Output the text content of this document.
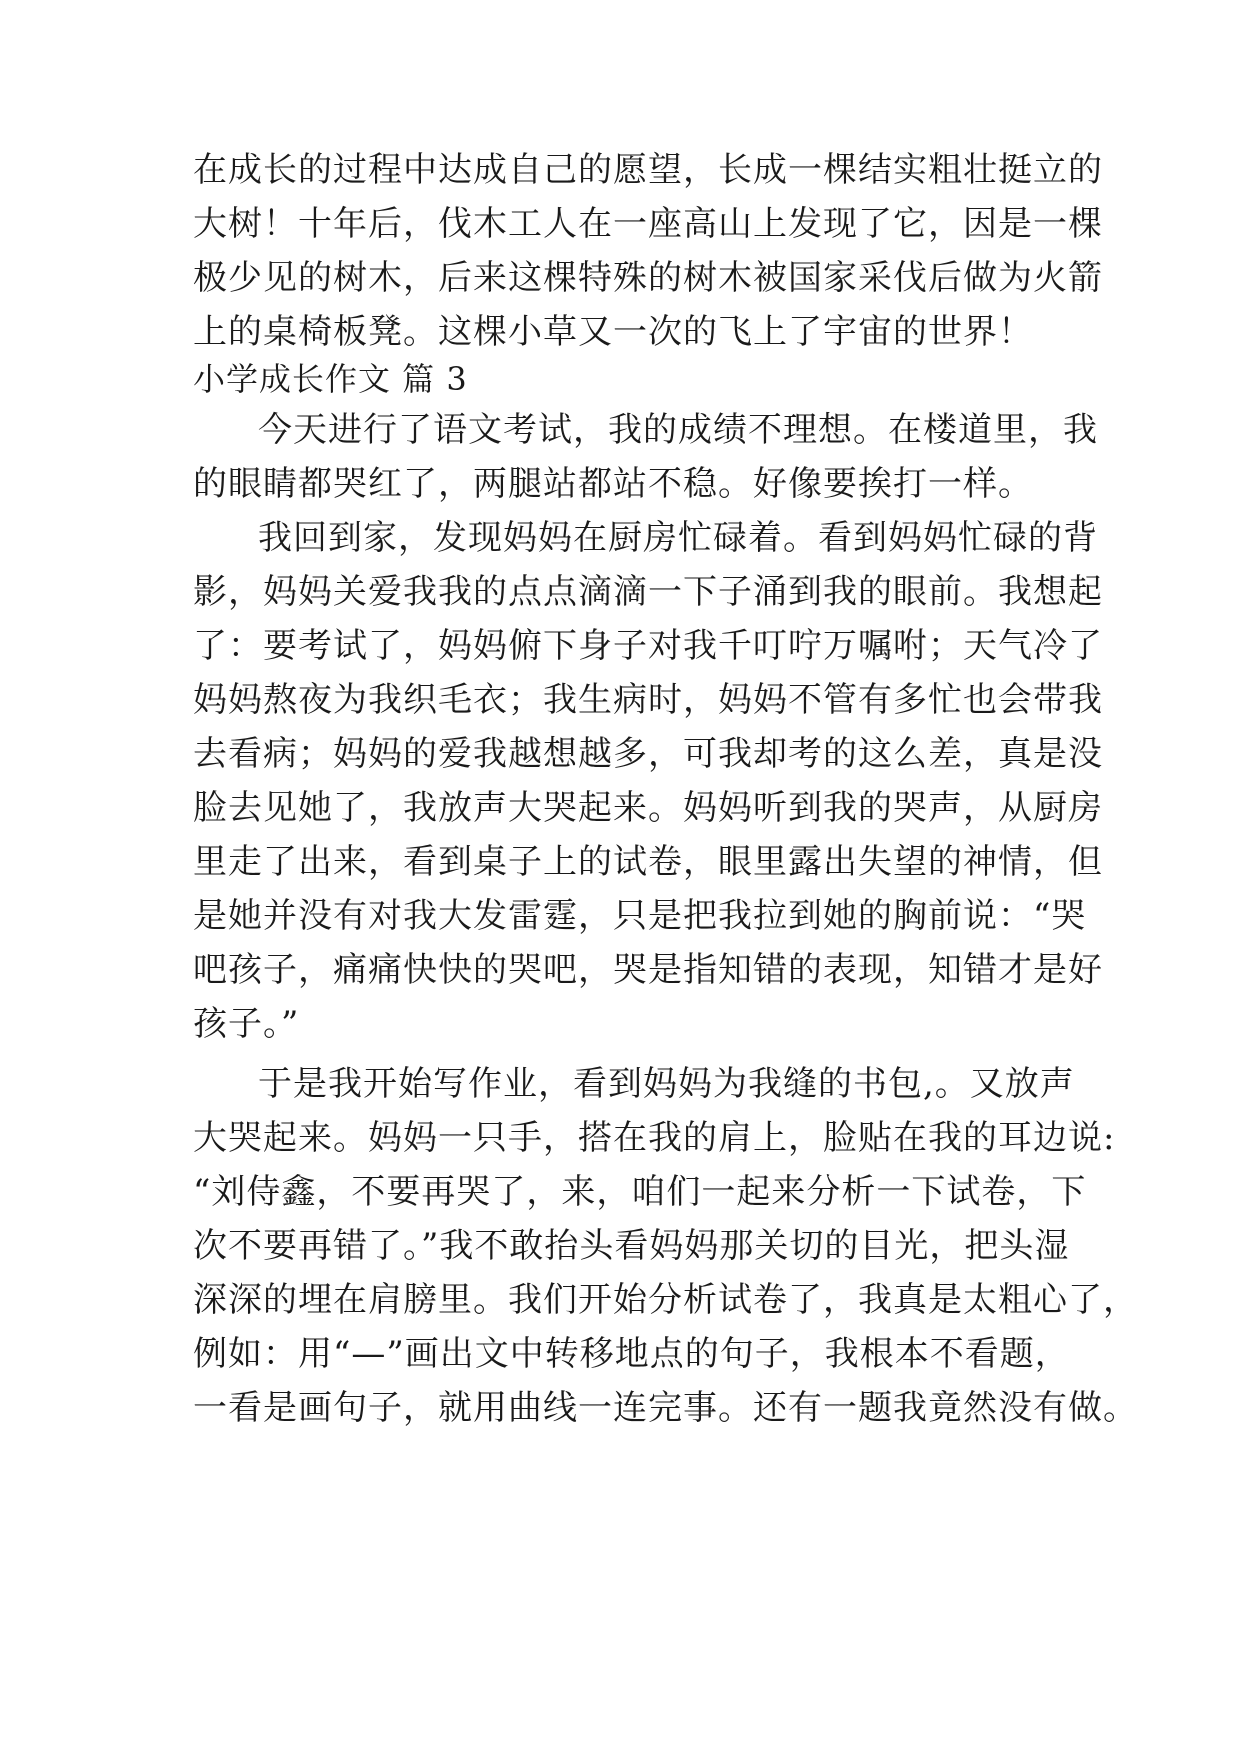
在成长的过程中达成自己的愿望，长成一棵结实粗壮挺立的
大树！十年后，伐木工人在一座高山上发现了它，因是一棵
极少见的树木，后来这棵特殊的树木被国家采伐后做为火箭
上的桌椅板凳。这棵小草又一次的飞上了宇宙的世界！
小学成长作文 篇 3
今天进行了语文考试，我的成绩不理想。在楼道里，我
的眼睛都哭红了，两腿站都站不稳。好像要挨打一样。
我回到家，发现妈妈在厨房忙碌着。看到妈妈忙碌的背
影，妈妈关爱我我的点点滴滴一下子涌到我的眼前。我想起
了：要考试了，妈妈俯下身子对我千叮咛万嘱咐；天气冷了
妈妈熬夜为我织毛衣；我生病时，妈妈不管有多忙也会带我
去看病；妈妈的爱我越想越多，可我却考的这么差，真是没
脸去见她了，我放声大哭起来。妈妈听到我的哭声，从厨房
里走了出来，看到桌子上的试卷，眼里露出失望的神情，但
是她并没有对我大发雷霆，只是把我拉到她的胸前说：“哭
吧孩子，痛痛快快的哭吧，哭是指知错的表现，知错才是好
孩子。”
于是我开始写作业，看到妈妈为我缝的书包,。又放声
大哭起来。妈妈一只手，搭在我的肩上，脸贴在我的耳边说:
“刘侍鑫，不要再哭了，来，咱们一起来分析一下试卷，下
次不要再错了。”我不敢抬头看妈妈那关切的目光，把头湿
深深的埋在肩膀里。我们开始分析试卷了，我真是太粗心了，
例如：用“—”画出文中转移地点的句子，我根本不看题，
一看是画句子，就用曲线一连完事。还有一题我竟然没有做。
